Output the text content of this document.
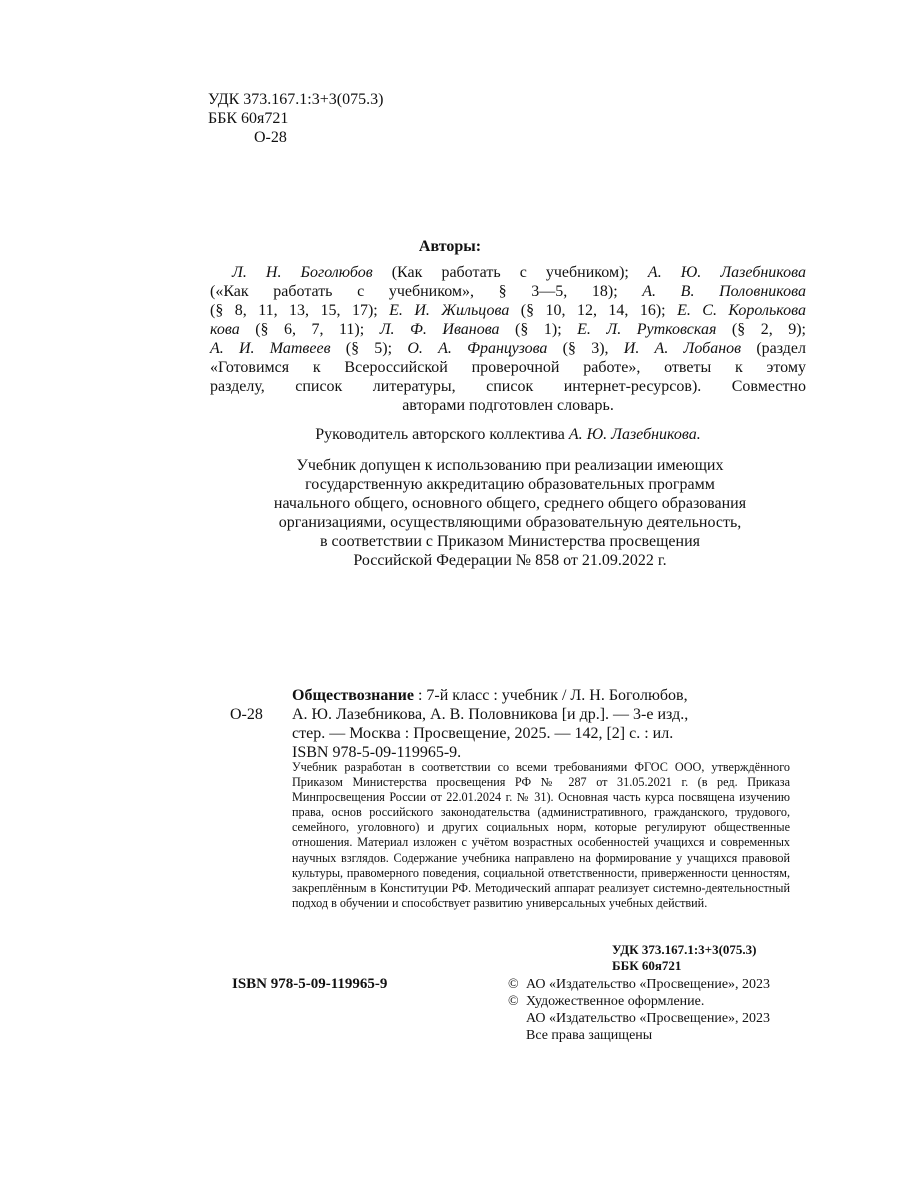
УДК 373.167.1:3+3(075.3)
ББК 60я721
О-28
Авторы:
Л. Н. Боголюбов (Как работать с учебником); А. Ю. Лазебникова
(«Как работать с учебником», § 3—5, 18); А. В. Половникова
(§ 8, 11, 13, 15, 17); Е. И. Жильцова (§ 10, 12, 14, 16); Е. С. Королькова
кова (§ 6, 7, 11); Л. Ф. Иванова (§ 1); Е. Л. Рутковская (§ 2, 9);
А. И. Матвеев (§ 5); О. А. Французова (§ 3), И. А. Лобанов (раздел
«Готовимся к Всероссийской проверочной работе», ответы к этому
разделу, список литературы, список интернет-ресурсов). Совместно
авторами подготовлен словарь.
Руководитель авторского коллектива А. Ю. Лазебникова.
Учебник допущен к использованию при реализации имеющих
государственную аккредитацию образовательных программ
начального общего, основного общего, среднего общего образования
организациями, осуществляющими образовательную деятельность,
в соответствии с Приказом Министерства просвещения
Российской Федерации № 858 от 21.09.2022 г.
Обществознание : 7-й класс : учебник / Л. Н. Боголюбов,
О-28 А. Ю. Лазебникова, А. В. Половникова [и др.]. — 3-е изд.,
стер. — Москва : Просвещение, 2025. — 142, [2] с. : ил.
ISBN 978-5-09-119965-9.
Учебник разработан в соответствии со всеми требованиями ФГОС ООО, утверждённого Приказом Министерства просвещения РФ № 287 от 31.05.2021 г. (в ред. Приказа Минпросвещения России от 22.01.2024 г. № 31). Основная часть курса посвящена изучению права, основ российского законодательства (административного, гражданского, трудового, семейного, уголовного) и других социальных норм, которые регулируют общественные отношения. Материал изложен с учётом возрастных особенностей учащихся и современных научных взглядов. Содержание учебника направлено на формирование у учащихся правовой культуры, правомерного поведения, социальной ответственности, приверженности ценностям, закреплённым в Конституции РФ. Методический аппарат реализует системно-деятельностный подход в обучении и способствует развитию универсальных учебных действий.
УДК 373.167.1:3+3(075.3)
ББК 60я721
ISBN 978-5-09-119965-9	© АО «Издательство «Просвещение», 2023
© Художественное оформление.
АО «Издательство «Просвещение», 2023
Все права защищены
